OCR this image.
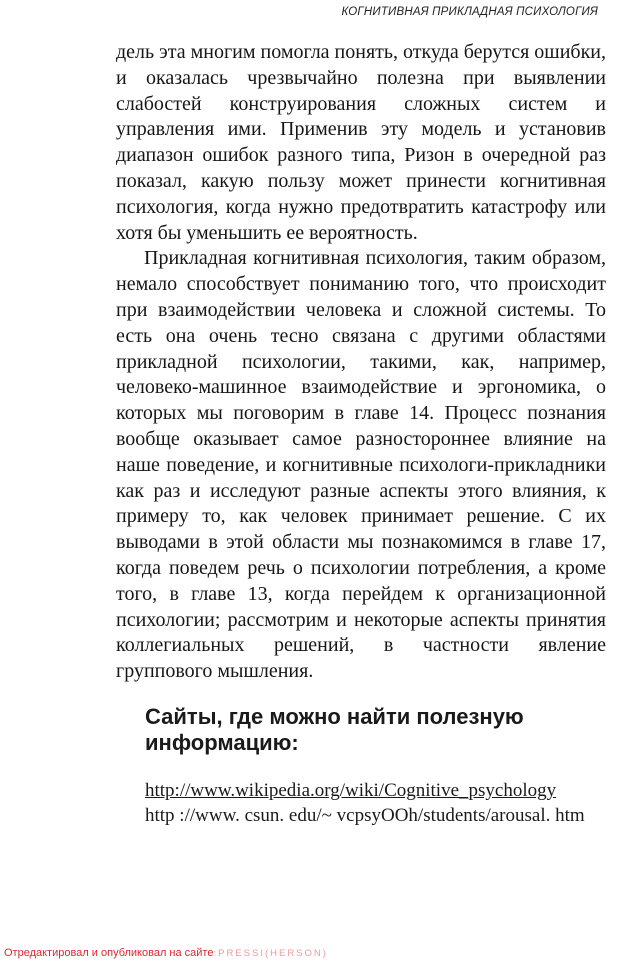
КОГНИТИВНАЯ ПРИКЛАДНАЯ ПСИХОЛОГИЯ

дель эта многим помогла понять, откуда берутся ошибки, и оказалась чрезвычайно полезна при выявлении слабостей конструирования сложных систем и управления ими. Применив эту модель и установив диапазон ошибок разного типа, Ризон в очередной раз показал, какую пользу может принести когнитивная психология, когда нужно предотвратить катастрофу или хотя бы уменьшить ее вероятность.

Прикладная когнитивная психология, таким образом, немало способствует пониманию того, что происходит при взаимодействии человека и сложной системы. То есть она очень тесно связана с другими областями прикладной психологии, такими, как, например, человеко-машинное взаимодействие и эргономика, о которых мы поговорим в главе 14. Процесс познания вообще оказывает самое разностороннее влияние на наше поведение, и когнитивные психологи-прикладники как раз и исследуют разные аспекты этого влияния, к примеру то, как человек принимает решение. С их выводами в этой области мы познакомимся в главе 17, когда поведем речь о психологии потребления, а кроме того, в главе 13, когда перейдем к организационной психологии; рассмотрим и некоторые аспекты принятия коллегиальных решений, в частности явление группового мышления.

Сайты, где можно найти полезную информацию:
http://www.wikipedia.org/wiki/Cognitive_psychology
http ://www. csun. edu/~ vcpsyOOh/students/arousal. htm
Отредактировал и опубликовал на сайте:PRESSI(HERSON)
